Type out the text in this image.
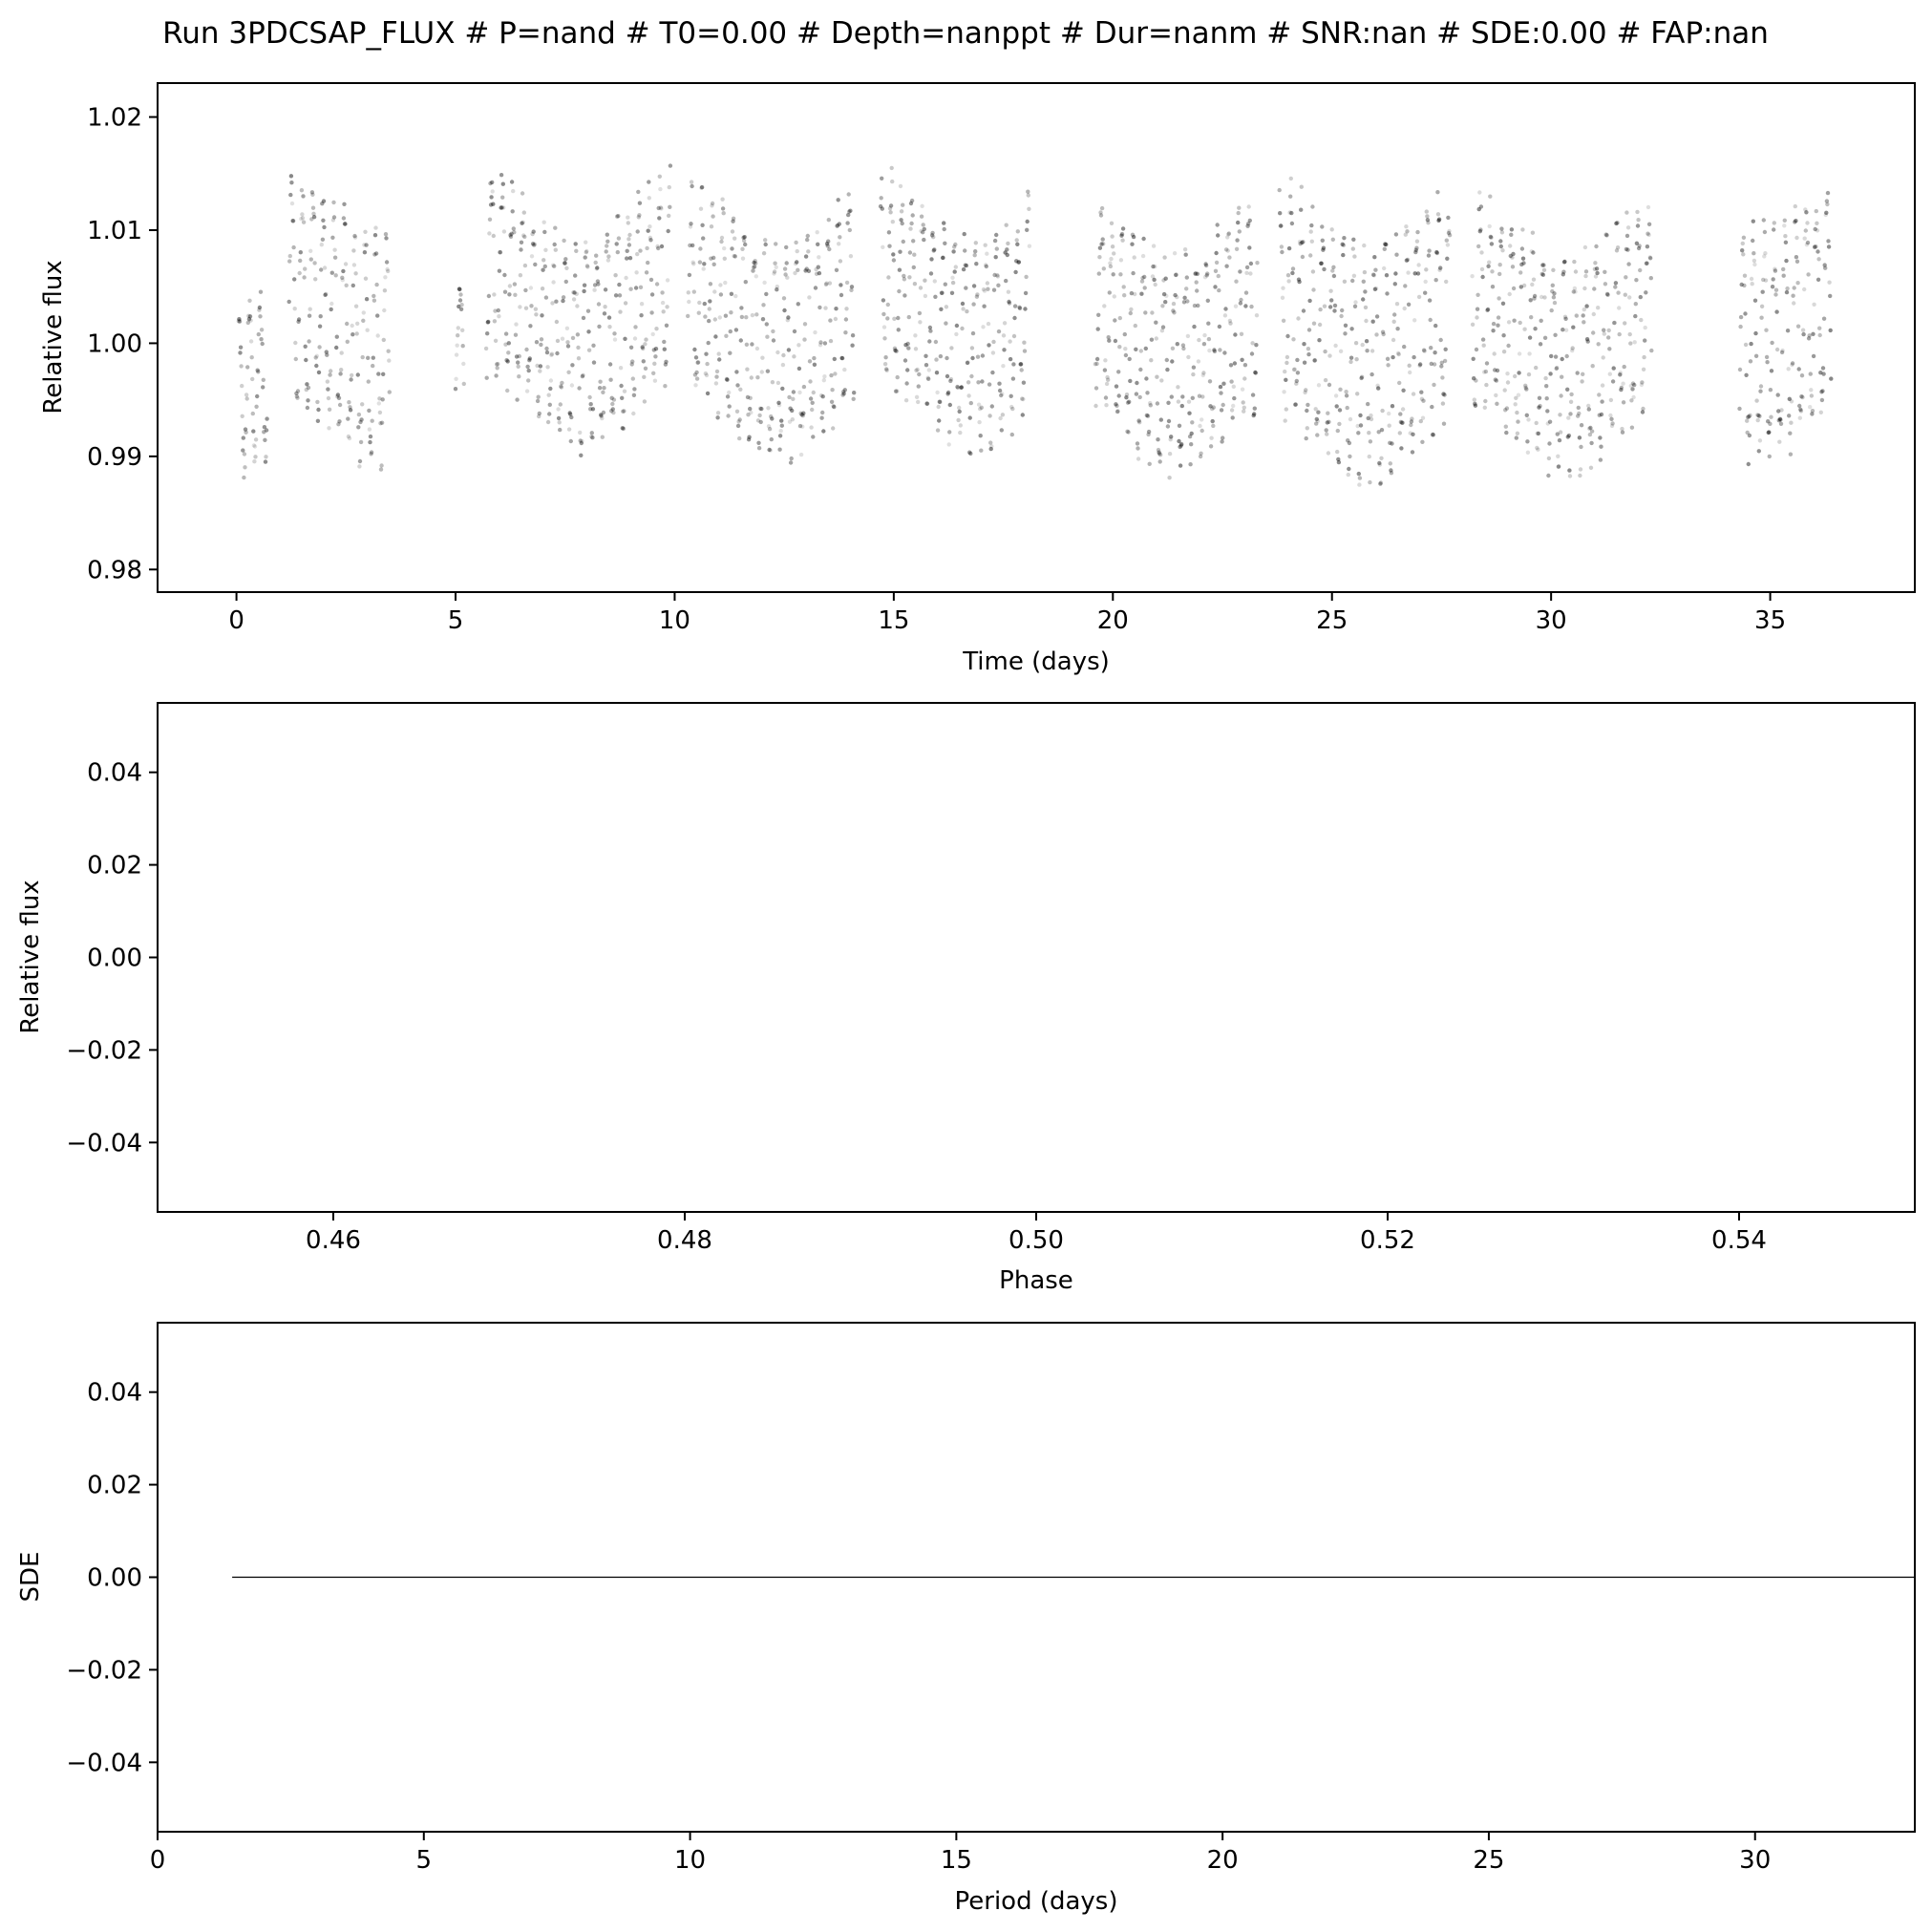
Run 3PDCSAP_FLUX # P=nand # T0=0.00 # Depth=nanppt # Dur=nanm # SNR:nan # SDE:0.00 # FAP:nan
0	5	10	15	20	25	30	35
0.98
0.99
1.00
1.01
1.02
Time (days)
Relative flux
0.46	0.48	0.50	0.52	0.54
0.04
0.02
0.00
−0.02
−0.04
Phase
Relative flux
0	5	10	15	20	25	30
0.04
0.02
0.00
−0.02
−0.04
Period (days)
SDE
